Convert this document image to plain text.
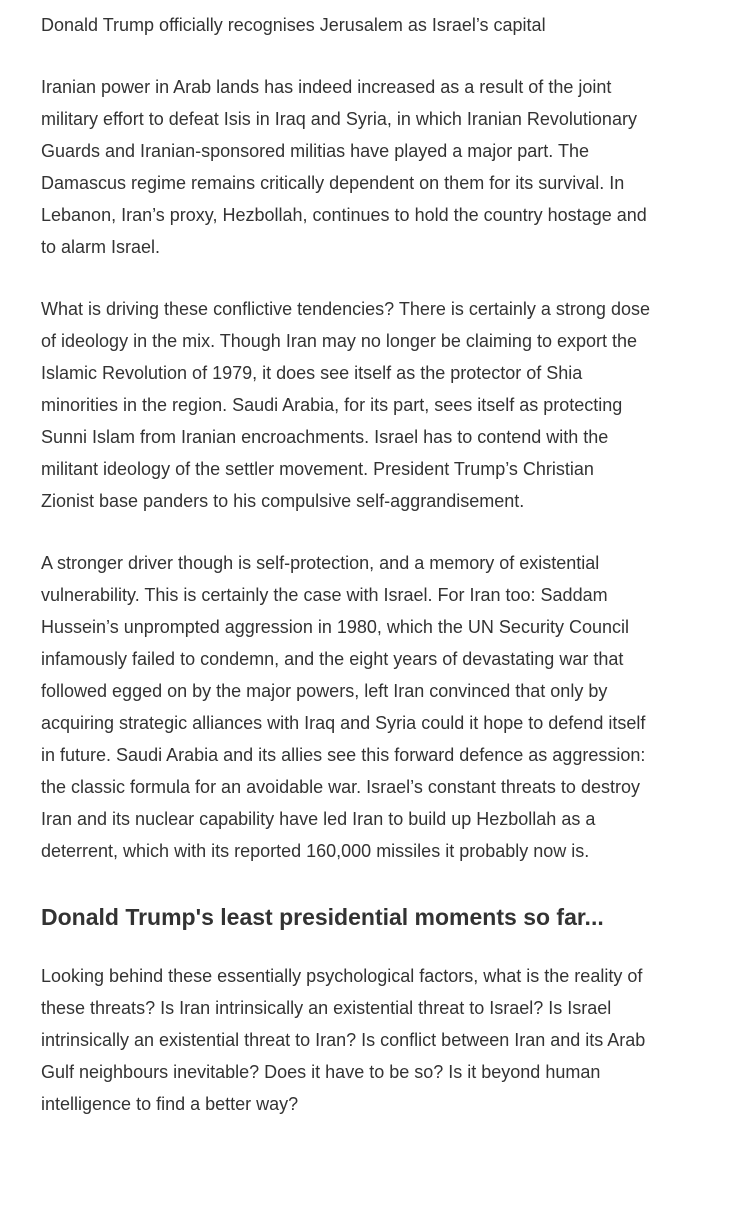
Donald Trump officially recognises Jerusalem as Israel’s capital

Iranian power in Arab lands has indeed increased as a result of the joint military effort to defeat Isis in Iraq and Syria, in which Iranian Revolutionary Guards and Iranian-sponsored militias have played a major part. The Damascus regime remains critically dependent on them for its survival. In Lebanon, Iran’s proxy, Hezbollah, continues to hold the country hostage and to alarm Israel.

What is driving these conflictive tendencies? There is certainly a strong dose of ideology in the mix. Though Iran may no longer be claiming to export the Islamic Revolution of 1979, it does see itself as the protector of Shia minorities in the region. Saudi Arabia, for its part, sees itself as protecting Sunni Islam from Iranian encroachments. Israel has to contend with the militant ideology of the settler movement. President Trump’s Christian Zionist base panders to his compulsive self-aggrandisement.

A stronger driver though is self-protection, and a memory of existential vulnerability. This is certainly the case with Israel. For Iran too: Saddam Hussein’s unprompted aggression in 1980, which the UN Security Council infamously failed to condemn, and the eight years of devastating war that followed egged on by the major powers, left Iran convinced that only by acquiring strategic alliances with Iraq and Syria could it hope to defend itself in future. Saudi Arabia and its allies see this forward defence as aggression: the classic formula for an avoidable war. Israel’s constant threats to destroy Iran and its nuclear capability have led Iran to build up Hezbollah as a deterrent, which with its reported 160,000 missiles it probably now is.

Donald Trump's least presidential moments so far...

Looking behind these essentially psychological factors, what is the reality of these threats? Is Iran intrinsically an existential threat to Israel? Is Israel intrinsically an existential threat to Iran? Is conflict between Iran and its Arab Gulf neighbours inevitable? Does it have to be so? Is it beyond human intelligence to find a better way?
